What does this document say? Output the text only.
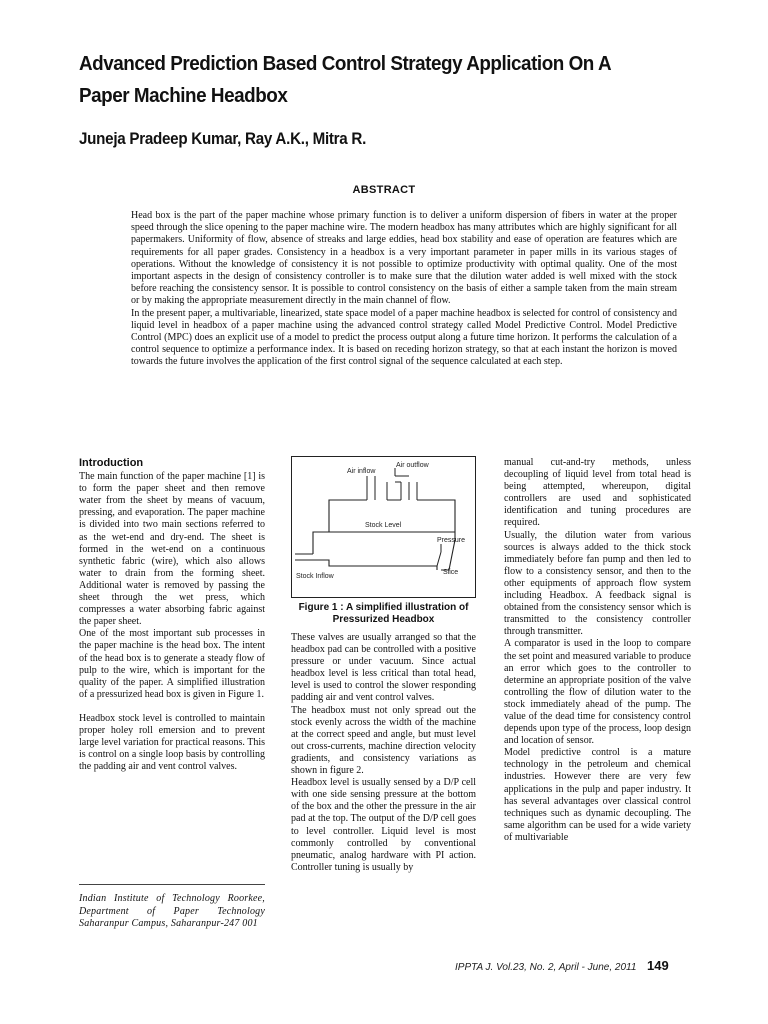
Advanced Prediction Based Control Strategy Application On A Paper Machine Headbox
Juneja Pradeep Kumar, Ray A.K., Mitra R.
ABSTRACT

Head box is the part of the paper machine whose primary function is to deliver a uniform dispersion of fibers in water at the proper speed through the slice opening to the paper machine wire. The modern headbox has many attributes which are highly significant for all papermakers. Uniformity of flow, absence of streaks and large eddies, head box stability and ease of operation are features which are requirements for all paper grades. Consistency in a headbox is a very important parameter in paper mills in its various stages of operations. Without the knowledge of consistency it is not possible to optimize productivity with optimal quality. One of the most important aspects in the design of consistency controller is to make sure that the dilution water added is well mixed with the stock before reaching the consistency sensor. It is possible to control consistency on the basis of either a sample taken from the main stream or by making the appropriate measurement directly in the main channel of flow.

In the present paper, a multivariable, linearized, state space model of a paper machine headbox is selected for control of consistency and liquid level in headbox of a paper machine using the advanced control strategy called Model Predictive Control. Model Predictive Control (MPC) does an explicit use of a model to predict the process output along a future time horizon. It performs the calculation of a control sequence to optimize a performance index. It is based on receding horizon strategy, so that at each instant the horizon is moved towards the future involves the application of the first control signal of the sequence calculated at each step.

Introduction

The main function of the paper machine [1] is to form the paper sheet and then remove water from the sheet by means of vacuum, pressing, and evaporation. The paper machine is divided into two main sections referred to as the wet-end and dry-end. The sheet is formed in the wet-end on a continuous synthetic fabric (wire), which also allows water to drain from the forming sheet. Additional water is removed by passing the sheet through the wet press, which compresses a water absorbing fabric against the paper sheet.

One of the most important sub processes in the paper machine is the head box. The intent of the head box is to generate a steady flow of pulp to the wire, which is important for the quality of the paper. A simplified illustration of a pressurized head box is given in Figure 1.

Headbox stock level is controlled to maintain proper holey roll emersion and to prevent large level variation for practical reasons. This is control on a single loop basis by controlling the padding air and vent control valves.

Indian Institute of Technology Roorkee, Department of Paper Technology Saharanpur Campus, Saharanpur-247 001
Air inflow
Air outflow
Stock Level
Pressure
Slice
Stock Inflow
Figure 1 : A simplified illustration of Pressurized Headbox

These valves are usually arranged so that the headbox pad can be controlled with a positive pressure or under vacuum. Since actual headbox level is less critical than total head, level is used to control the slower responding padding air and vent control valves.

The headbox must not only spread out the stock evenly across the width of the machine at the correct speed and angle, but must level out cross-currents, machine direction velocity gradients, and consistency variations as shown in figure 2.

Headbox level is usually sensed by a D/P cell with one side sensing pressure at the bottom of the box and the other the pressure in the air pad at the top. The output of the D/P cell goes to level controller. Liquid level is most commonly controlled by conventional pneumatic, analog hardware with PI action. Controller tuning is usually by

manual cut-and-try methods, unless decoupling of liquid level from total head is being attempted, whereupon, digital controllers are used and sophisticated identification and tuning procedures are required.

Usually, the dilution water from various sources is always added to the thick stock immediately before fan pump and then led to flow to a consistency sensor, and then to the other equipments of approach flow system including Headbox. A feedback signal is obtained from the consistency sensor which is transmitted to the consistency controller through transmitter.

A comparator is used in the loop to compare the set point and measured variable to produce an error which goes to the controller to determine an appropriate position of the valve controlling the flow of dilution water to the stock immediately ahead of the pump. The value of the dead time for consistency control depends upon type of the process, loop design and location of sensor.

Model predictive control is a mature technology in the petroleum and chemical industries. However there are very few applications in the pulp and paper industry. It has several advantages over classical control techniques such as dynamic decoupling. The same algorithm can be used for a wide variety of multivariable

IPPTA J. Vol.23, No. 2, April - June, 2011 149
